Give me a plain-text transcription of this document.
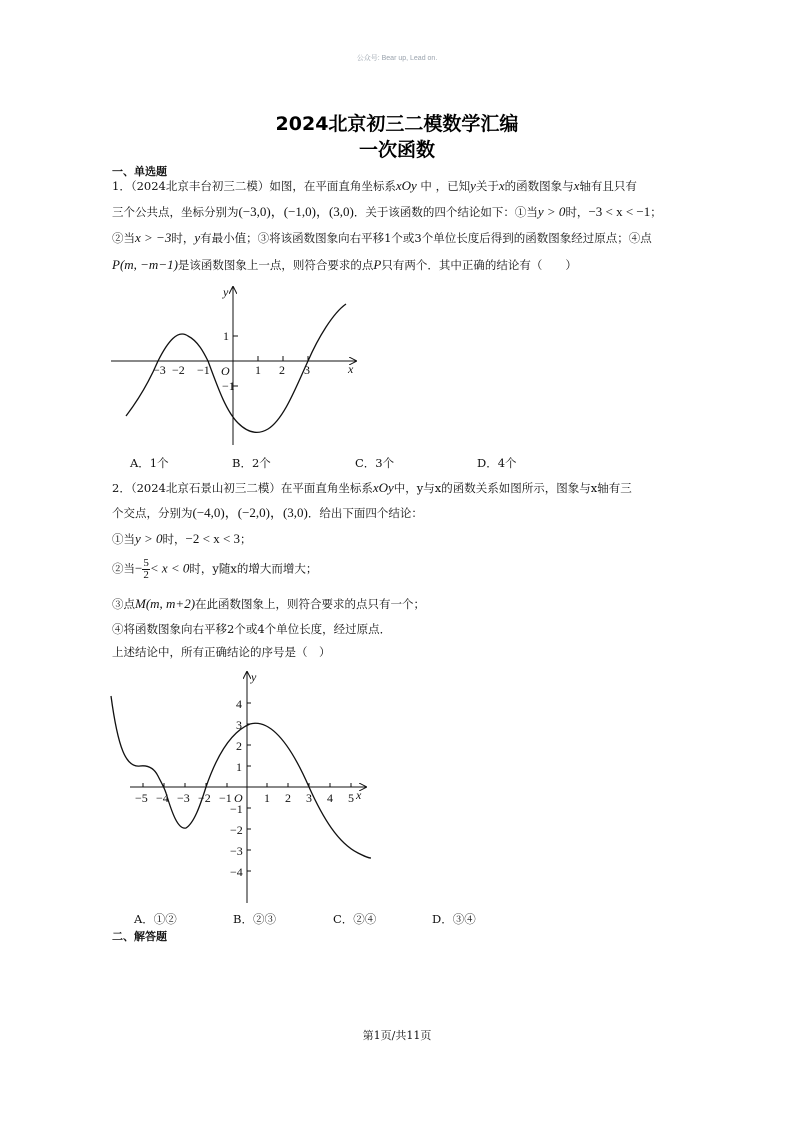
公众号: Bear up, Lead on.
2024北京初三二模数学汇编
一次函数
一、单选题
1．（2024北京丰台初三二模）如图，在平面直角坐标系xOy 中 ，已知y关于x的函数图象与x轴有且只有
三个公共点，坐标分别为(−3,0)，(−1,0)，(3,0)．关于该函数的四个结论如下：①当y > 0时，−3 < x < −1；
②当x > −3时，y有最小值；③将该函数图象向右平移1个或3个单位长度后得到的函数图象经过原点；④点
P(m, −m−1)是该函数图象上一点，则符合要求的点P只有两个．其中正确的结论有（　　）
−3 −2 −1 O 1 2 3
1
−1
x
y
A．1个	B．2个	C．3个	D．4个
2．（2024北京石景山初三二模）在平面直角坐标系xOy中，y与x的函数关系如图所示，图象与x轴有三
个交点，分别为(−4,0)，(−2,0)，(3,0)．给出下面四个结论：
①当y > 0时，−2 < x < 3；
②当− $\frac{5}{2} < x < 0$时，y随x的增大而增大；
③点M(m, m+2)在此函数图象上，则符合要求的点只有一个；
④将函数图象向右平移2个或4个单位长度，经过原点．
上述结论中，所有正确结论的序号是（　）
−5 −4 −3 −2 −1 O 1 2 3 4 5
4
3
2
1
−1
−2
−3
−4
x
y
A．①②	B．②③	C．②④	D．③④
二、解答题
第1页/共11页
